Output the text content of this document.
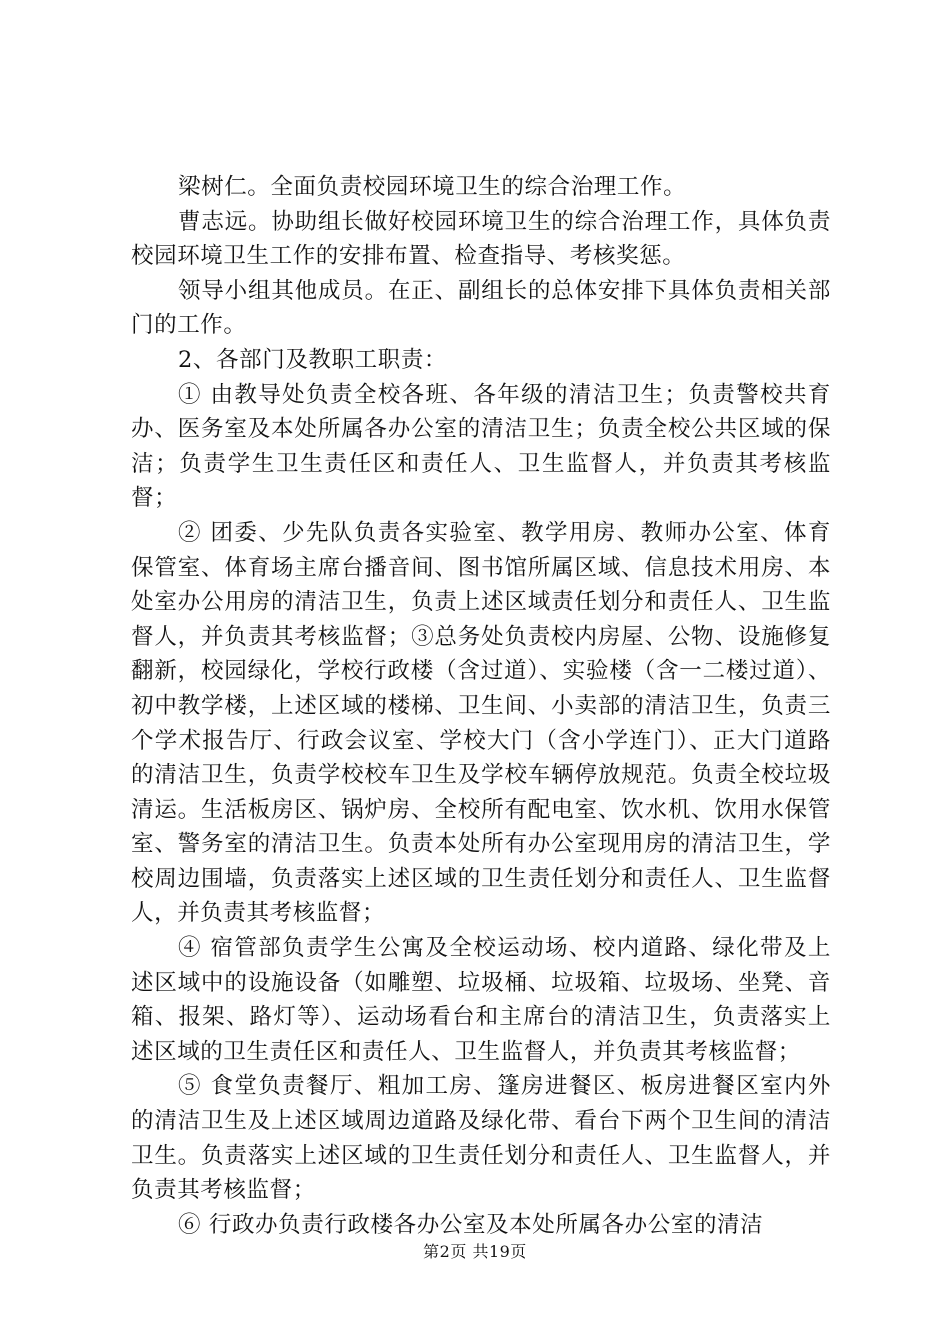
梁树仁。全面负责校园环境卫生的综合治理工作。

曹志远。协助组长做好校园环境卫生的综合治理工作，具体负责校园环境卫生工作的安排布置、检查指导、考核奖惩。

领导小组其他成员。在正、副组长的总体安排下具体负责相关部门的工作。

2、各部门及教职工职责：

① 由教导处负责全校各班、各年级的清洁卫生；负责警校共育办、医务室及本处所属各办公室的清洁卫生；负责全校公共区域的保洁；负责学生卫生责任区和责任人、卫生监督人，并负责其考核监督；

② 团委、少先队负责各实验室、教学用房、教师办公室、体育保管室、体育场主席台播音间、图书馆所属区域、信息技术用房、本处室办公用房的清洁卫生，负责上述区域责任划分和责任人、卫生监督人，并负责其考核监督；③总务处负责校内房屋、公物、设施修复翻新，校园绿化，学校行政楼（含过道）、实验楼（含一二楼过道）、初中教学楼，上述区域的楼梯、卫生间、小卖部的清洁卫生，负责三个学术报告厅、行政会议室、学校大门（含小学连门）、正大门道路的清洁卫生，负责学校校车卫生及学校车辆停放规范。负责全校垃圾清运。生活板房区、锅炉房、全校所有配电室、饮水机、饮用水保管室、警务室的清洁卫生。负责本处所有办公室现用房的清洁卫生，学校周边围墙，负责落实上述区域的卫生责任划分和责任人、卫生监督人，并负责其考核监督；

④ 宿管部负责学生公寓及全校运动场、校内道路、绿化带及上述区域中的设施设备（如雕塑、垃圾桶、垃圾箱、垃圾场、坐凳、音箱、报架、路灯等）、运动场看台和主席台的清洁卫生，负责落实上述区域的卫生责任区和责任人、卫生监督人，并负责其考核监督；

⑤ 食堂负责餐厅、粗加工房、篷房进餐区、板房进餐区室内外的清洁卫生及上述区域周边道路及绿化带、看台下两个卫生间的清洁卫生。负责落实上述区域的卫生责任划分和责任人、卫生监督人，并负责其考核监督；

⑥ 行政办负责行政楼各办公室及本处所属各办公室的清洁

第2页 共19页
